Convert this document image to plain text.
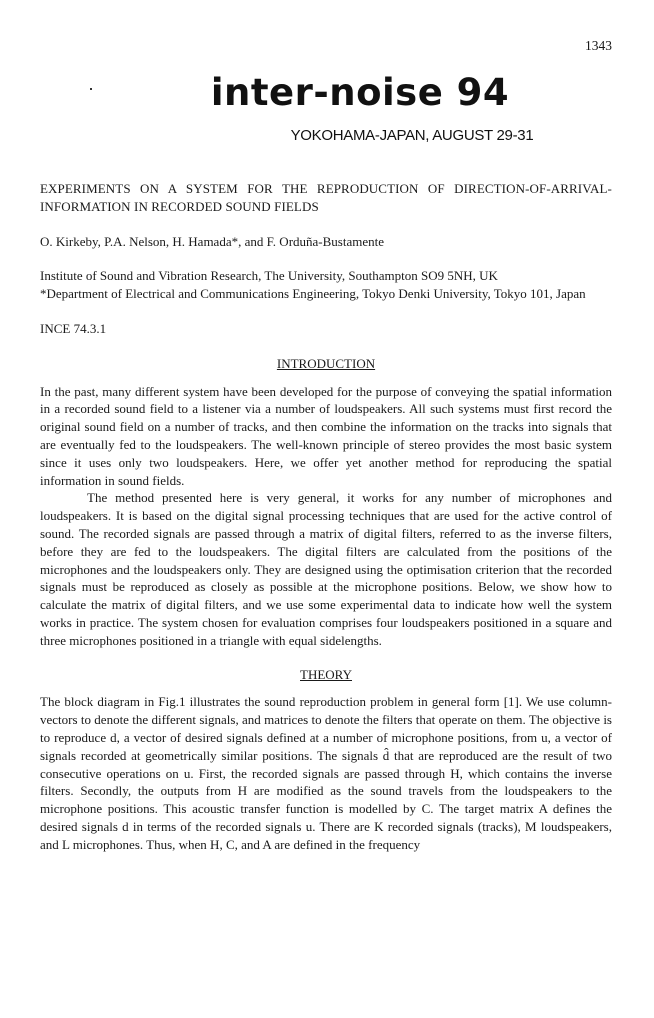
1343
inter-noise 94
YOKOHAMA-JAPAN, AUGUST 29-31

EXPERIMENTS ON A SYSTEM FOR THE REPRODUCTION OF DIRECTION-OF-ARRIVAL-INFORMATION IN RECORDED SOUND FIELDS

O. Kirkeby, P.A. Nelson, H. Hamada*, and F. Orduña-Bustamente

Institute of Sound and Vibration Research, The University, Southampton SO9 5NH, UK
*Department of Electrical and Communications Engineering, Tokyo Denki University, Tokyo 101, Japan

INCE 74.3.1

INTRODUCTION

In the past, many different system have been developed for the purpose of conveying the spatial information in a recorded sound field to a listener via a number of loudspeakers. All such systems must first record the original sound field on a number of tracks, and then combine the information on the tracks into signals that are eventually fed to the loudspeakers. The well-known principle of stereo provides the most basic system since it uses only two loudspeakers. Here, we offer yet another method for reproducing the spatial information in sound fields.

The method presented here is very general, it works for any number of microphones and loudspeakers. It is based on the digital signal processing techniques that are used for the active control of sound. The recorded signals are passed through a matrix of digital filters, referred to as the inverse filters, before they are fed to the loudspeakers. The digital filters are calculated from the positions of the microphones and the loudspeakers only. They are designed using the optimisation criterion that the recorded signals must be reproduced as closely as possible at the microphone positions. Below, we show how to calculate the matrix of digital filters, and we use some experimental data to indicate how well the system works in practice. The system chosen for evaluation comprises four loudspeakers positioned in a square and three microphones positioned in a triangle with equal sidelengths.

THEORY

The block diagram in Fig.1 illustrates the sound reproduction problem in general form [1]. We use column-vectors to denote the different signals, and matrices to denote the filters that operate on them. The objective is to reproduce d, a vector of desired signals defined at a number of microphone positions, from u, a vector of signals recorded at geometrically similar positions. The signals d̂ that are reproduced are the result of two consecutive operations on u. First, the recorded signals are passed through H, which contains the inverse filters. Secondly, the outputs from H are modified as the sound travels from the loudspeakers to the microphone positions. This acoustic transfer function is modelled by C. The target matrix A defines the desired signals d in terms of the recorded signals u. There are K recorded signals (tracks), M loudspeakers, and L microphones. Thus, when H, C, and A are defined in the frequency
